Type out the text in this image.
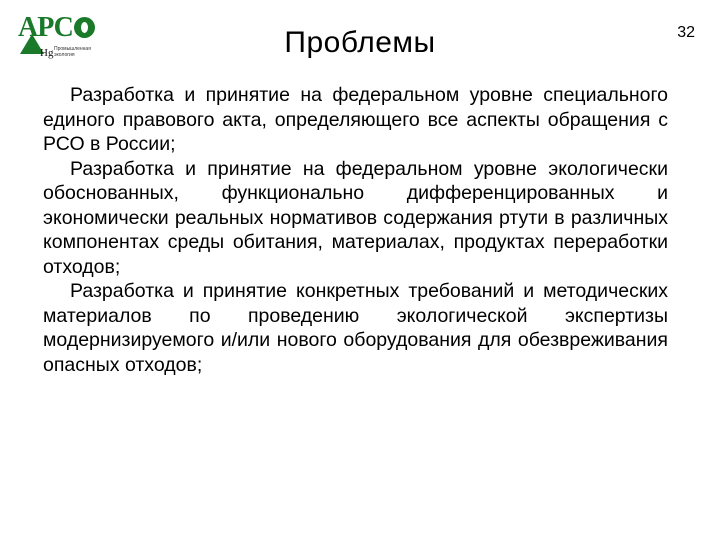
АРС
Hg Промышленная экология
32
Проблемы

Разработка и принятие на федеральном уровне специального единого правового акта, определяющего все аспекты обращения с РСО в России;

Разработка и принятие на федеральном уровне экологически обоснованных, функционально дифференцированных и экономически реальных нормативов содержания ртути в различных компонентах среды обитания, материалах, продуктах переработки отходов;

Разработка и принятие конкретных требований и методических материалов по проведению экологической экспертизы модернизируемого и/или нового оборудования для обезвреживания опасных отходов;
